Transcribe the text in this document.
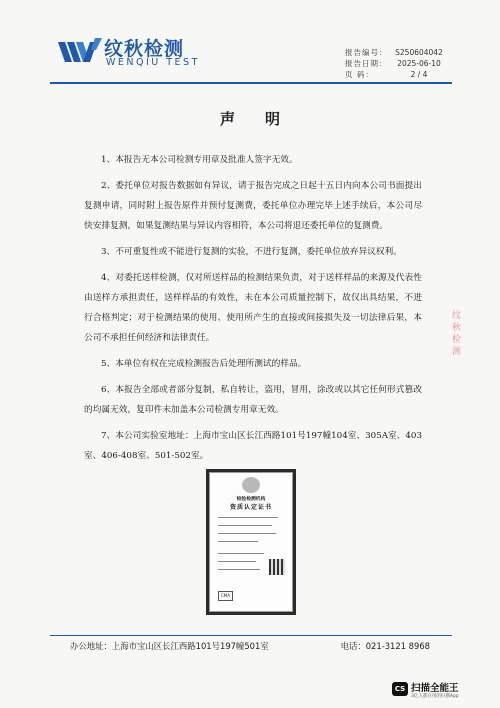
纹秋检测
WENQIU TEST
报告编号：	S250604042
报告日期：	2025-06-10
页 码：	2 / 4
声明

1、本报告无本公司检测专用章及批准人签字无效。

2、委托单位对报告数据如有异议，请于报告完成之日起十五日内向本公司书面提出复测申请，同时附上报告原件并预付复测费，委托单位办理完毕上述手续后，本公司尽快安排复测，如果复测结果与异议内容相符，本公司将退还委托单位的复测费。

3、不可重复性或不能进行复测的实验，不进行复测，委托单位放弃异议权利。

4、对委托送样检测，仅对所送样品的检测结果负责，对于送样样品的来源及代表性由送样方承担责任，送样样品的有效性，未在本公司质量控制下，故仅出具结果，不进行合格判定；对于检测结果的使用、使用所产生的直接或间接损失及一切法律后果，本公司不承担任何经济和法律责任。

5、本单位有权在完成检测报告后处理所测试的样品。

6、本报告全部或者部分复制，私自转让，盗用，冒用，涂改或以其它任何形式篡改的均属无效，复印件未加盖本公司检测专用章无效。

7、本公司实验室地址：上海市宝山区长江西路101号197幢104室、305A室、403室、406-408室、501-502室。

检验检测机构
资质认定证书
CMA
纹秋检测
办公地址：上海市宝山区长江西路101号197幢501室	电话：021-3121 8968
CS 扫描全能王
3亿人都在用的扫描App
